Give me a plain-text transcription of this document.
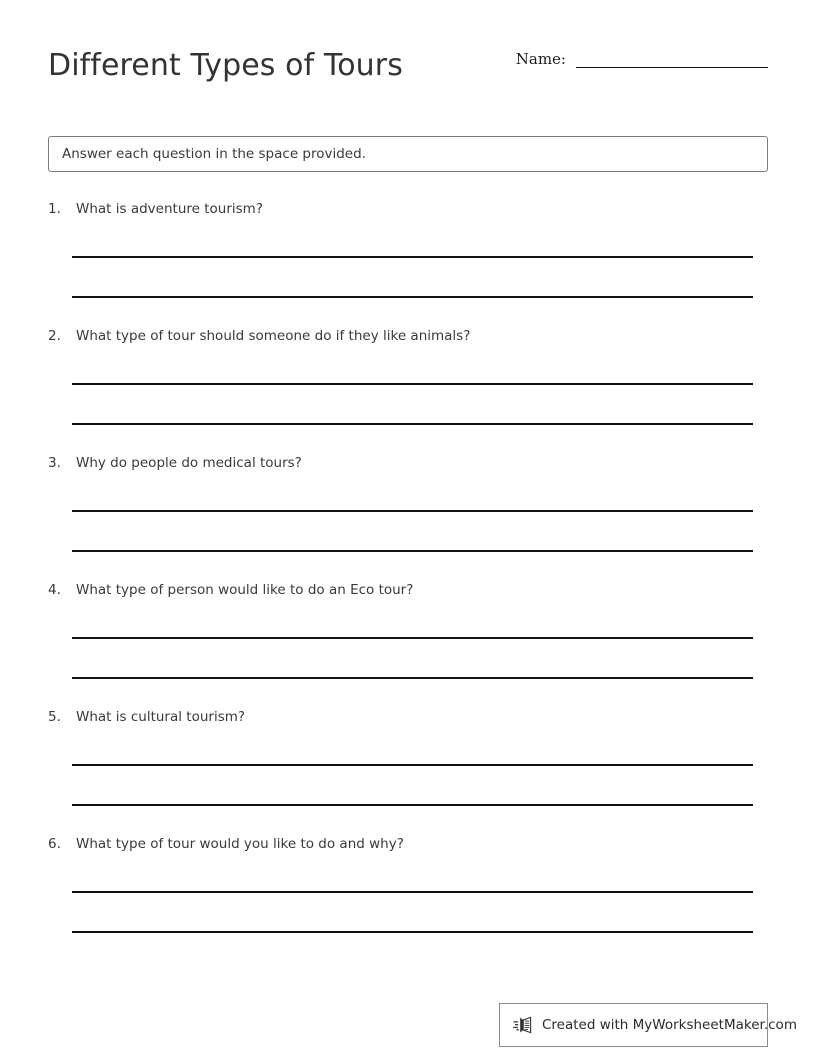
Different Types of Tours	Name:
Answer each question in the space provided.
1.	What is adventure tourism?
2.	What type of tour should someone do if they like animals?
3.	Why do people do medical tours?
4.	What type of person would like to do an Eco tour?
5.	What is cultural tourism?
6.	What type of tour would you like to do and why?
Created with MyWorksheetMaker.com
